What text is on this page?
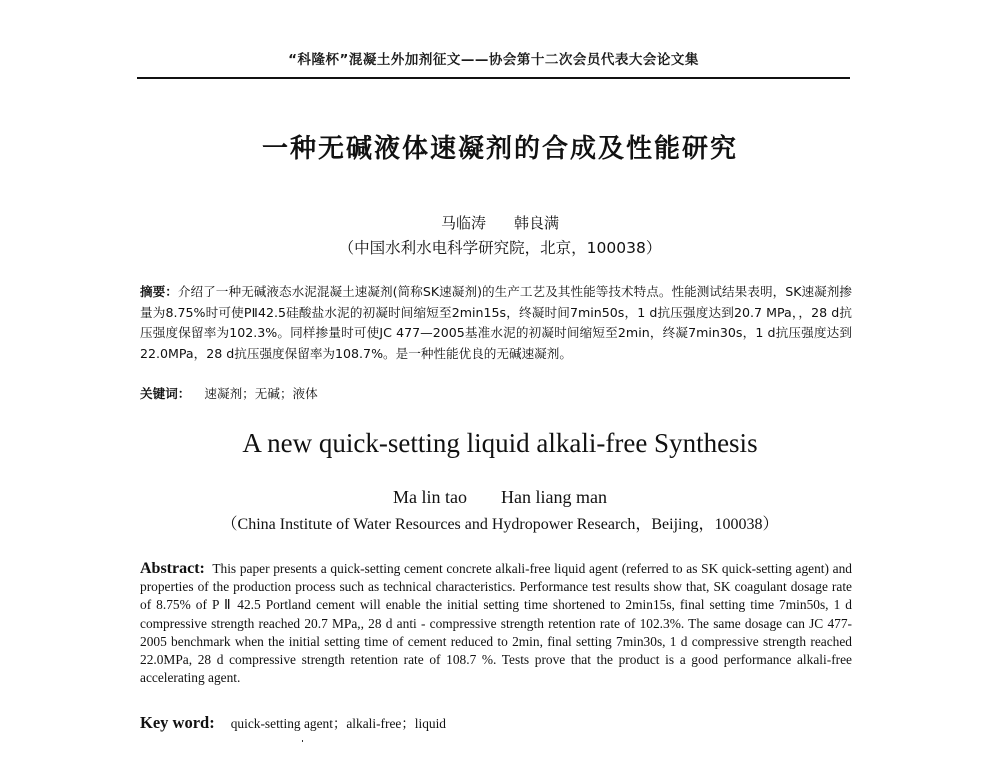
“科隆杯”混凝土外加剂征文——协会第十二次会员代表大会论文集
一种无碱液体速凝剂的合成及性能研究
马临涛 韩良满
（中国水利水电科学研究院，北京，100038）
摘要：介绍了一种无碱液态水泥混凝土速凝剂(简称SK速凝剂)的生产工艺及其性能等技术特点。性能测试结果表明，SK速凝剂掺量为8.75%时可使PⅡ42.5硅酸盐水泥的初凝时间缩短至2min15s，终凝时间7min50s，1 d抗压强度达到20.7 MPa，，28 d抗压强度保留率为102.3%。同样掺量时可使JC 477—2005基准水泥的初凝时间缩短至2min，终凝7min30s，1 d抗压强度达到22.0MPa，28 d抗压强度保留率为108.7%。是一种性能优良的无碱速凝剂。
关键词： 速凝剂；无碱；液体
A new quick-setting liquid alkali-free Synthesis
Ma lin tao Han liang man
（China Institute of Water Resources and Hydropower Research，Beijing，100038）
Abstract: This paper presents a quick-setting cement concrete alkali-free liquid agent (referred to as SK quick-setting agent) and properties of the production process such as technical characteristics. Performance test results show that, SK coagulant dosage rate of 8.75% of P Ⅱ 42.5 Portland cement will enable the initial setting time shortened to 2min15s, final setting time 7min50s, 1 d compressive strength reached 20.7 MPa,, 28 d anti - compressive strength retention rate of 102.3%. The same dosage can JC 477-2005 benchmark when the initial setting time of cement reduced to 2min, final setting 7min30s, 1 d compressive strength reached 22.0MPa, 28 d compressive strength retention rate of 108.7 %. Tests prove that the product is a good performance alkali-free accelerating agent.
Key word: quick-setting agent；alkali-free；liquid
